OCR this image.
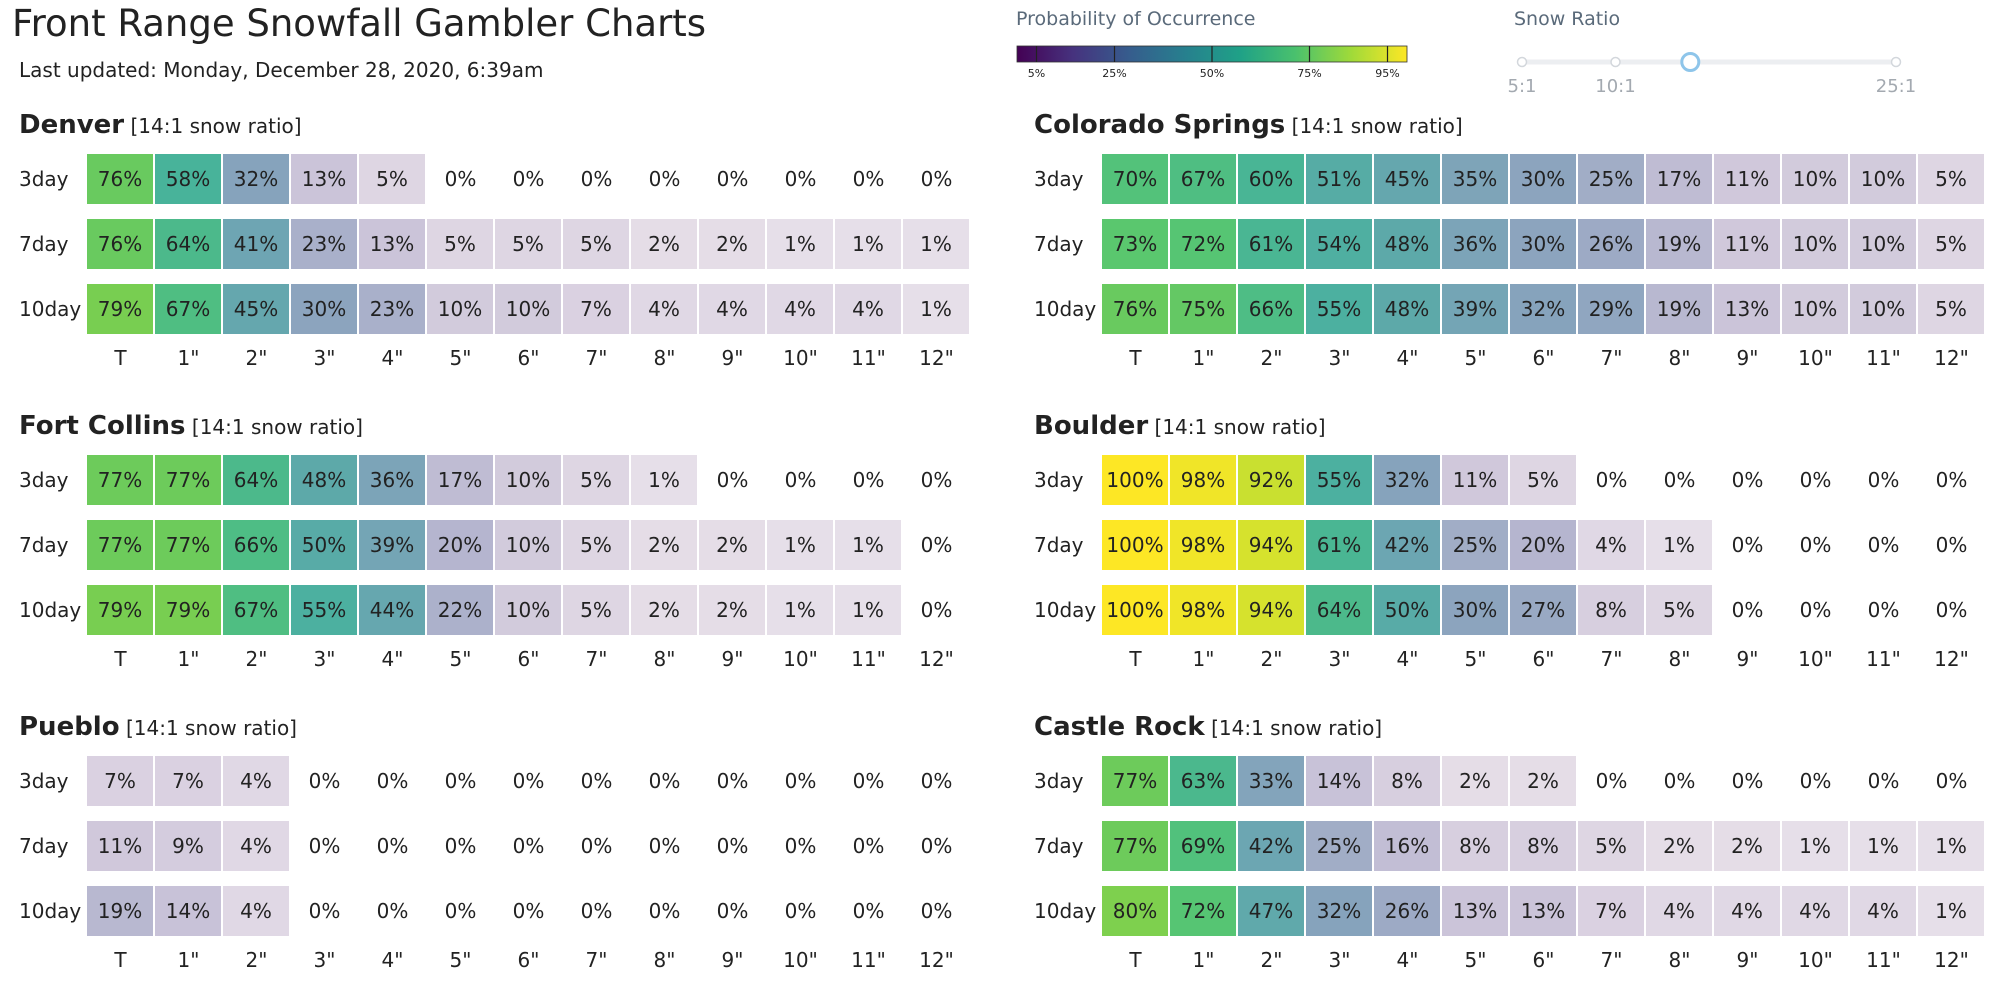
Front Range Snowfall Gambler Charts
Last updated: Monday, December 28, 2020, 6:39am
Probability of Occurrence
5%	25%	50%	75%	95%
Snow Ratio
5:1	10:1	25:1
Denver [14:1 snow ratio]
3day	76%	58%	32%	13%	5%	0%	0%	0%	0%	0%	0%	0%	0%
7day	76%	64%	41%	23%	13%	5%	5%	5%	2%	2%	1%	1%	1%
10day 79%	67%	45%	30%	23%	10%	10%	7%	4%	4%	4%	4%	1%
T	1"	2"	3"	4"	5"	6"	7"	8"	9"	10"	11"	12"
Colorado Springs [14:1 snow ratio]
3day	70%	67%	60%	51%	45%	35%	30%	25%	17%	11%	10%	10%	5%
7day	73%	72%	61%	54%	48%	36%	30%	26%	19%	11%	10%	10%	5%
10day 76%	75%	66%	55%	48%	39%	32%	29%	19%	13%	10%	10%	5%
T	1"	2"	3"	4"	5"	6"	7"	8"	9"	10"	11"	12"
Fort Collins [14:1 snow ratio]
3day	77%	77%	64%	48%	36%	17%	10%	5%	1%	0%	0%	0%	0%
7day	77%	77%	66%	50%	39%	20%	10%	5%	2%	2%	1%	1%	0%
10day 79%	79%	67%	55%	44%	22%	10%	5%	2%	2%	1%	1%	0%
T	1"	2"	3"	4"	5"	6"	7"	8"	9"	10"	11"	12"
Boulder [14:1 snow ratio]
3day 100% 98%	92%	55%	32%	11%	5%	0%	0%	0%	0%	0%	0%
7day 100% 98%	94%	61%	42%	25%	20%	4%	1%	0%	0%	0%	0%
10day 100% 98%	94%	64%	50%	30%	27%	8%	5%	0%	0%	0%	0%
T	1"	2"	3"	4"	5"	6"	7"	8"	9"	10"	11"	12"
Pueblo [14:1 snow ratio]
3day	7%	7%	4%	0%	0%	0%	0%	0%	0%	0%	0%	0%	0%
7day	11%	9%	4%	0%	0%	0%	0%	0%	0%	0%	0%	0%	0%
10day 19%	14%	4%	0%	0%	0%	0%	0%	0%	0%	0%	0%	0%
T	1"	2"	3"	4"	5"	6"	7"	8"	9"	10"	11"	12"
Castle Rock [14:1 snow ratio]
3day	77%	63%	33%	14%	8%	2%	2%	0%	0%	0%	0%	0%	0%
7day	77%	69%	42%	25%	16%	8%	8%	5%	2%	2%	1%	1%	1%
10day 80%	72%	47%	32%	26%	13%	13%	7%	4%	4%	4%	4%	1%
T	1"	2"	3"	4"	5"	6"	7"	8"	9"	10"	11"	12"
